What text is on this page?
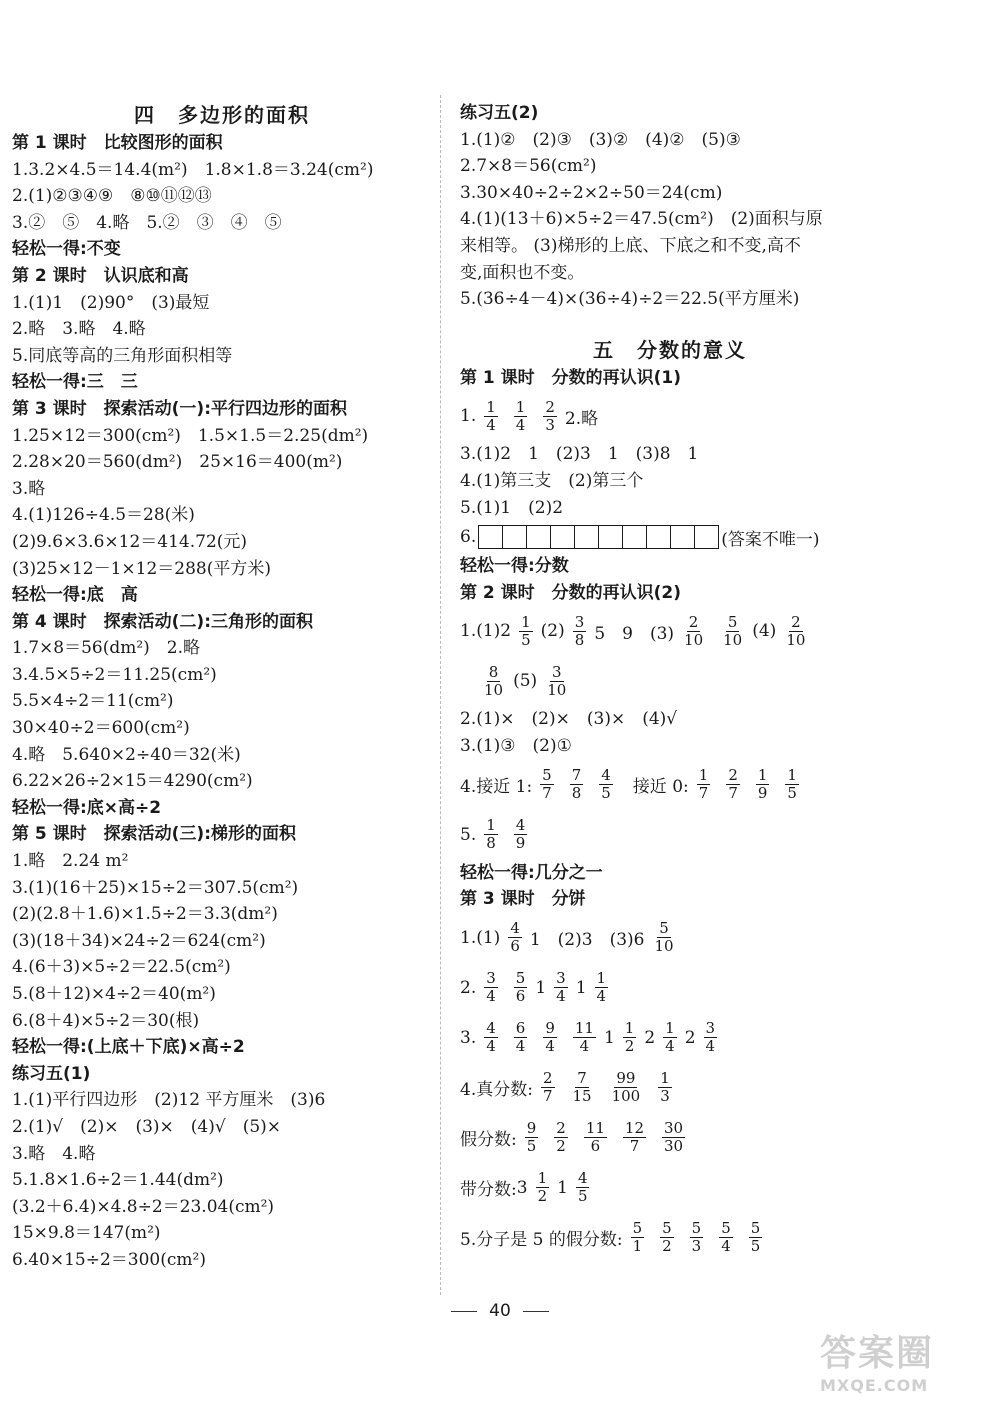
四　多边形的面积
第 1 课时　比较图形的面积
1.3.2×4.5＝14.4(m²)　1.8×1.8＝3.24(cm²)
2.(1)②③④⑨　⑧⑩⑪⑫⑬
3.②　⑤　4.略　5.②　③　④　⑤
轻松一得:不变
第 2 课时　认识底和高
1.(1)1　(2)90°　(3)最短
2.略　3.略　4.略
5.同底等高的三角形面积相等
轻松一得:三　三
第 3 课时　探索活动(一):平行四边形的面积
1.25×12＝300(cm²)　1.5×1.5＝2.25(dm²)
2.28×20＝560(dm²)　25×16＝400(m²)
3.略
4.(1)126÷4.5＝28(米)
(2)9.6×3.6×12＝414.72(元)
(3)25×12－1×12＝288(平方米)
轻松一得:底　高
第 4 课时　探索活动(二):三角形的面积
1.7×8＝56(dm²)　2.略
3.4.5×5÷2＝11.25(cm²)
5.5×4÷2＝11(cm²)
30×40÷2＝600(cm²)
4.略　5.640×2÷40＝32(米)
6.22×26÷2×15＝4290(cm²)
轻松一得:底×高÷2
第 5 课时　探索活动(三):梯形的面积
1.略　2.24 m²
3.(1)(16＋25)×15÷2＝307.5(cm²)
(2)(2.8＋1.6)×1.5÷2＝3.3(dm²)
(3)(18＋34)×24÷2＝624(cm²)
4.(6＋3)×5÷2＝22.5(cm²)
5.(8＋12)×4÷2＝40(m²)
6.(8＋4)×5÷2＝30(根)
轻松一得:(上底＋下底)×高÷2
练习五(1)
1.(1)平行四边形　(2)12 平方厘米　(3)6
2.(1)√　(2)×　(3)×　(4)√　(5)×
3.略　4.略
5.1.8×1.6÷2＝1.44(dm²)
(3.2＋6.4)×4.8÷2＝23.04(cm²)
15×9.8＝147(m²)
6.40×15÷2＝300(cm²)
练习五(2)
1.(1)②　(2)③　(3)②　(4)②　(5)③
2.7×8＝56(cm²)
3.30×40÷2÷2×2÷50＝24(cm)
4.(1)(13＋6)×5÷2＝47.5(cm²)　(2)面积与原
来相等。 (3)梯形的上底、下底之和不变,高不
变,面积也不变。
5.(36÷4－4)×(36÷4)÷2＝22.5(平方厘米)
五　分数的意义
第 1 课时　分数的再认识(1)
1. $\frac{1}{4} \frac{1}{4} \frac{2}{3} 2$.略
3.(1)2　1　(2)3　1　(3)8　1
4.(1)第三支　(2)第三个
5.(1)1　(2)2
6.	(答案不唯一)
轻松一得:分数
第 2 课时　分数的再认识(2)
$1.(1)2 \frac{1}{5} (2) \frac{3}{8} 5$　9　$(3) \frac{2}{10} \frac{5}{10} (4) \frac{2}{10}$
$\frac{8}{10} (5) \frac{3}{10}$
2.(1)×　(2)×　(3)×　(4)√
3.(1)③　(2)①
4.接近 1: $\frac{5}{7} \frac{7}{8} \frac{4}{5}$ 接近 0: $\frac{1}{7} \frac{2}{7} \frac{1}{9} \frac{1}{5}$
5. $\frac{1}{8} \frac{4}{9}$
轻松一得:几分之一
第 3 课时　分饼
$1.(1) \frac{4}{6} 1$　(2)3　$(3)6 \frac{5}{10}$
2. $\frac{3}{4} \frac{5}{6} 1 \frac{3}{4} 1 \frac{1}{4}$
3. $\frac{4}{4} \frac{6}{4} \frac{9}{4} \frac{11}{4} 1 \frac{1}{2} 2 \frac{1}{4} 2 \frac{3}{4}$
4.真分数: $\frac{2}{7} \frac{7}{15} \frac{99}{100} \frac{1}{3}$
假分数: $\frac{9}{5} \frac{2}{2} \frac{11}{6} \frac{12}{7} \frac{30}{30}$
带分数: $3 \frac{1}{2} 1 \frac{4}{5}$
5.分子是 5 的假分数: $\frac{5}{1} \frac{5}{2} \frac{5}{3} \frac{5}{4} \frac{5}{5}$
40
答案圈
MXQE.COM
